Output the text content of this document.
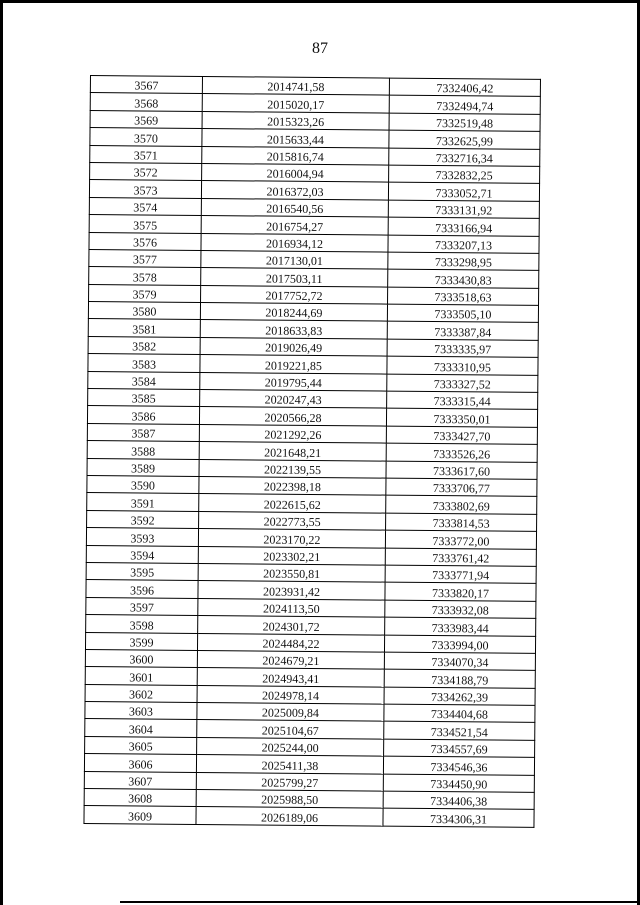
87
3567	2014741,58	7332406,42
3568	2015020,17	7332494,74
3569	2015323,26	7332519,48
3570	2015633,44	7332625,99
3571	2015816,74	7332716,34
3572	2016004,94	7332832,25
3573	2016372,03	7333052,71
3574	2016540,56	7333131,92
3575	2016754,27	7333166,94
3576	2016934,12	7333207,13
3577	2017130,01	7333298,95
3578	2017503,11	7333430,83
3579	2017752,72	7333518,63
3580	2018244,69	7333505,10
3581	2018633,83	7333387,84
3582	2019026,49	7333335,97
3583	2019221,85	7333310,95
3584	2019795,44	7333327,52
3585	2020247,43	7333315,44
3586	2020566,28	7333350,01
3587	2021292,26	7333427,70
3588	2021648,21	7333526,26
3589	2022139,55	7333617,60
3590	2022398,18	7333706,77
3591	2022615,62	7333802,69
3592	2022773,55	7333814,53
3593	2023170,22	7333772,00
3594	2023302,21	7333761,42
3595	2023550,81	7333771,94
3596	2023931,42	7333820,17
3597	2024113,50	7333932,08
3598	2024301,72	7333983,44
3599	2024484,22	7333994,00
3600	2024679,21	7334070,34
3601	2024943,41	7334188,79
3602	2024978,14	7334262,39
3603	2025009,84	7334404,68
3604	2025104,67	7334521,54
3605	2025244,00	7334557,69
3606	2025411,38	7334546,36
3607	2025799,27	7334450,90
3608	2025988,50	7334406,38
3609	2026189,06	7334306,31
